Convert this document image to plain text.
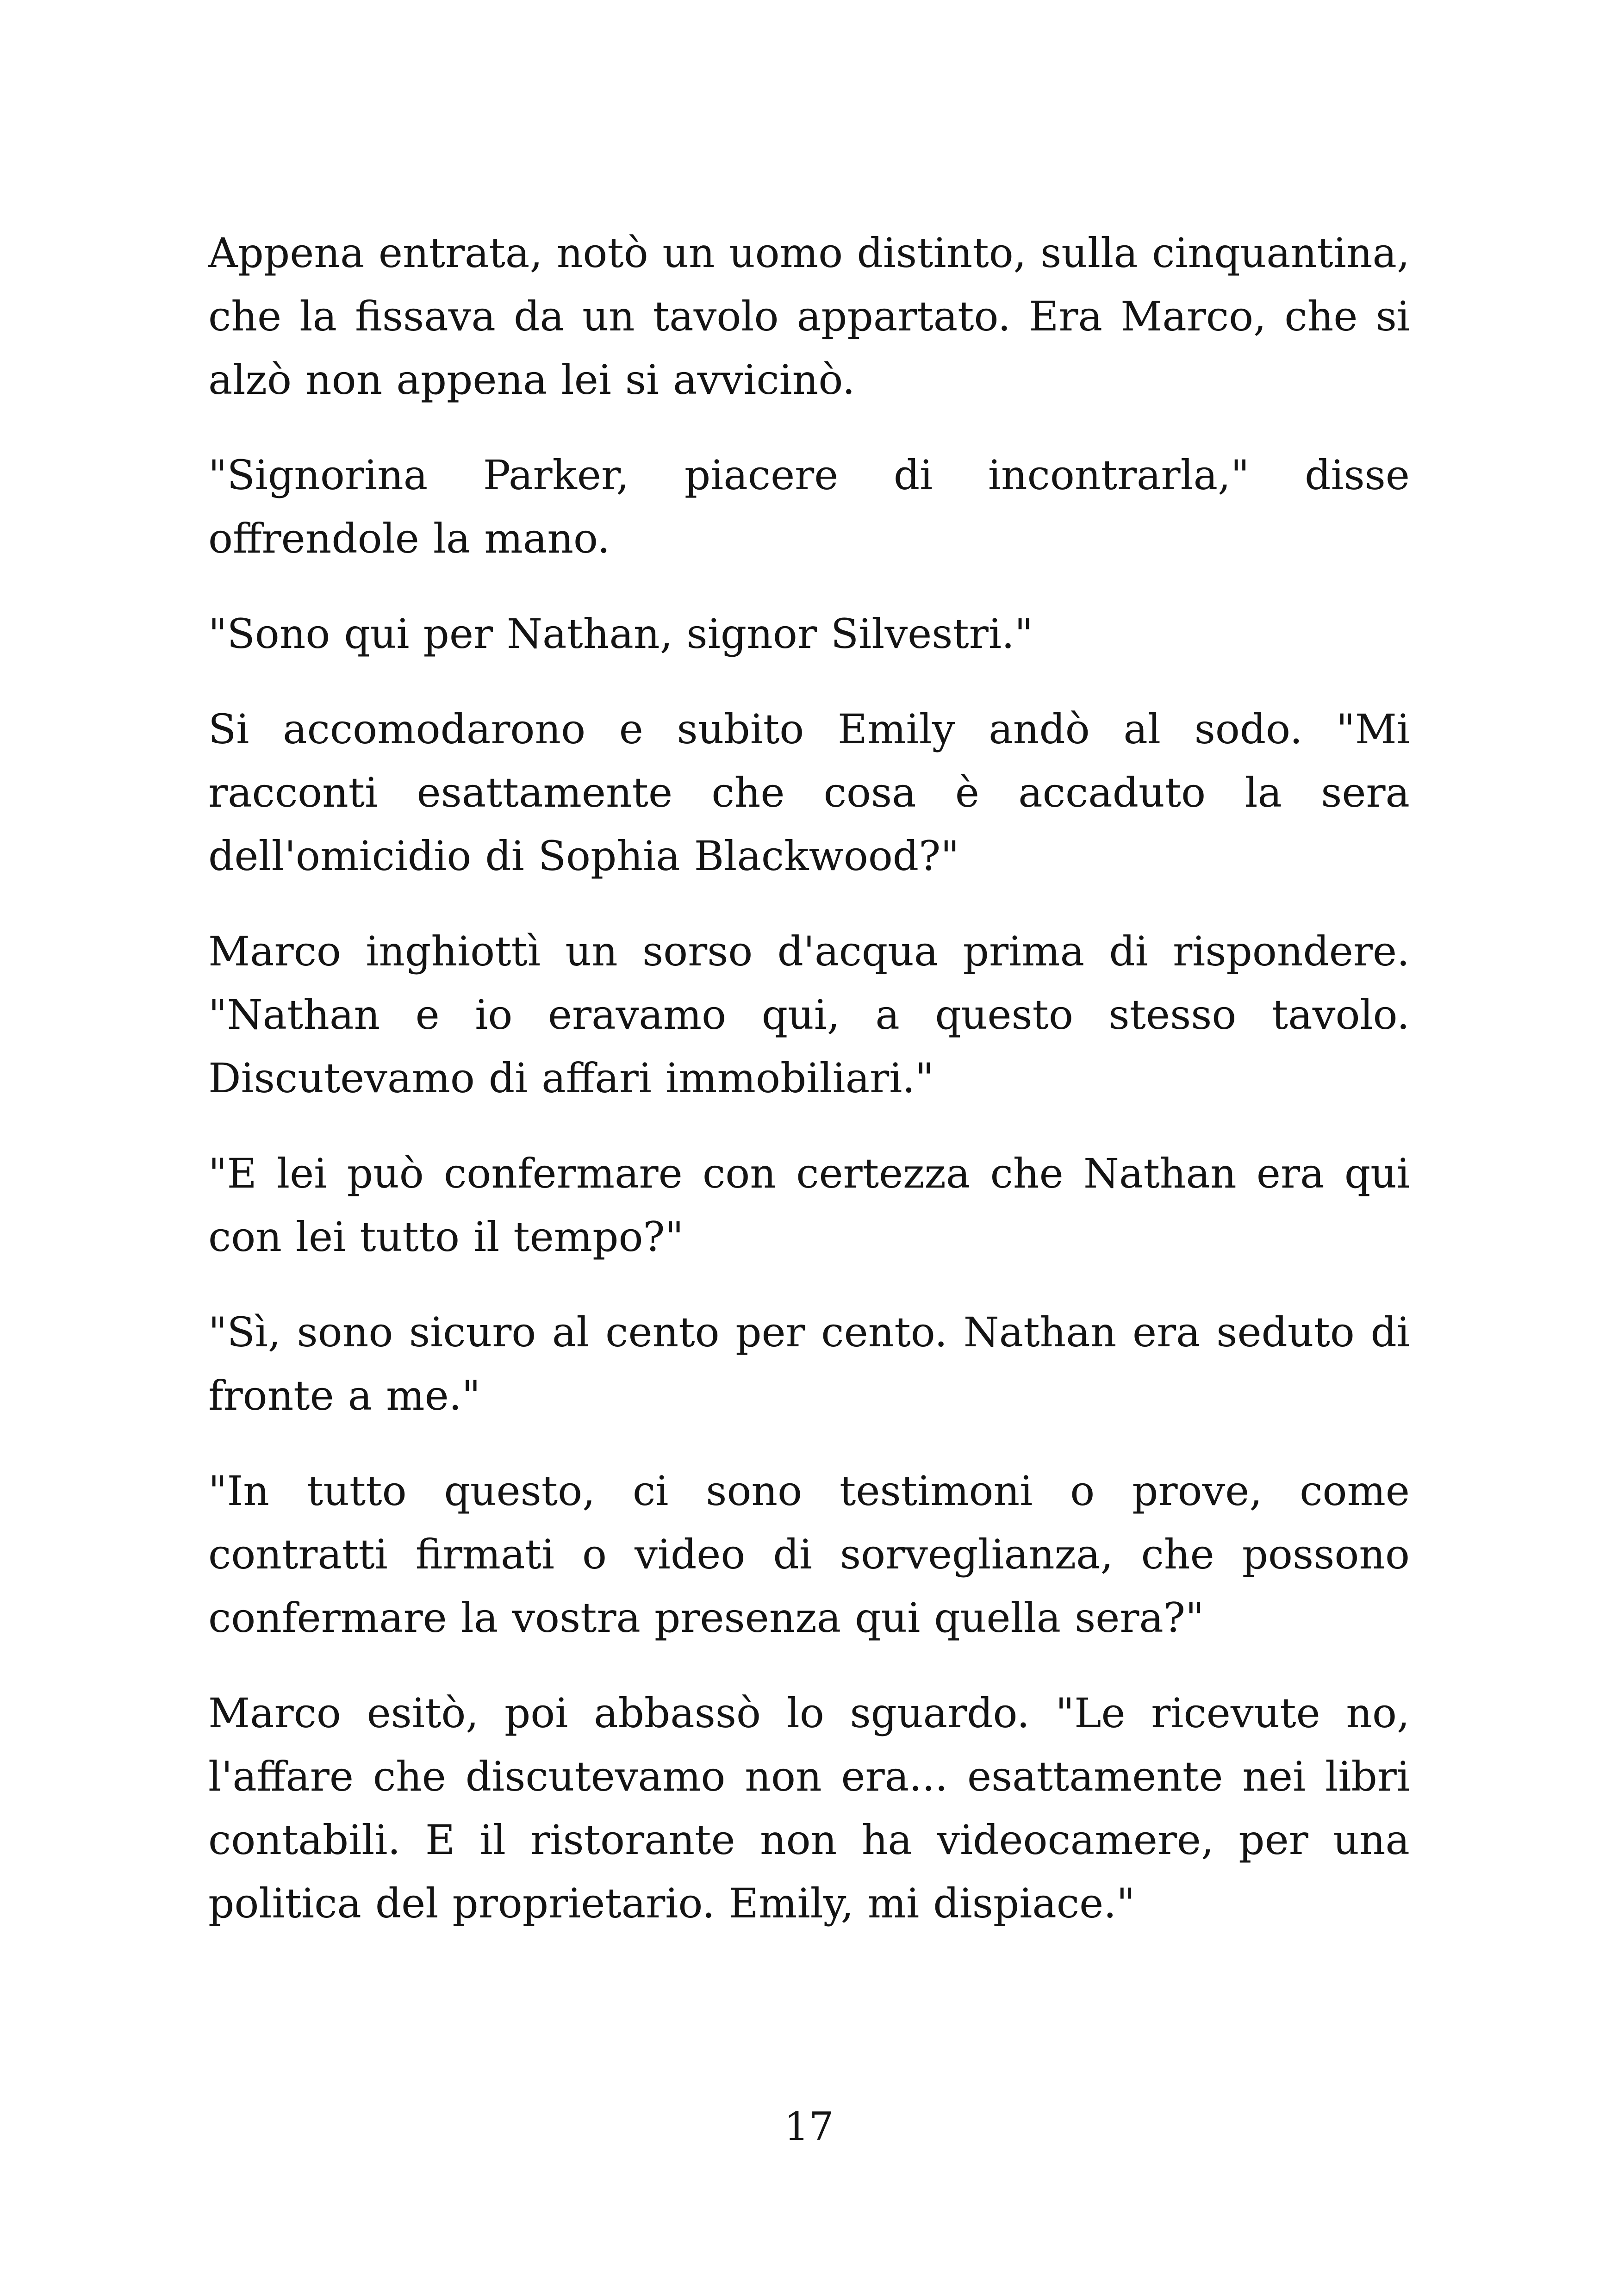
Appena entrata, notò un uomo distinto, sulla cinquantina, che la fissava da un tavolo appartato. Era Marco, che si alzò non appena lei si avvicinò.

"Signorina Parker, piacere di incontrarla," disse offrendole la mano.

"Sono qui per Nathan, signor Silvestri."

Si accomodarono e subito Emily andò al sodo. "Mi racconti esattamente che cosa è accaduto la sera dell'omicidio di Sophia Blackwood?"

Marco inghiottì un sorso d'acqua prima di rispondere. "Nathan e io eravamo qui, a questo stesso tavolo. Discutevamo di affari immobiliari."

"E lei può confermare con certezza che Nathan era qui con lei tutto il tempo?"

"Sì, sono sicuro al cento per cento. Nathan era seduto di fronte a me."

"In tutto questo, ci sono testimoni o prove, come contratti firmati o video di sorveglianza, che possono confermare la vostra presenza qui quella sera?"

Marco esitò, poi abbassò lo sguardo. "Le ricevute no, l'affare che discutevamo non era... esattamente nei libri contabili. E il ristorante non ha videocamere, per una politica del proprietario. Emily, mi dispiace."

17
